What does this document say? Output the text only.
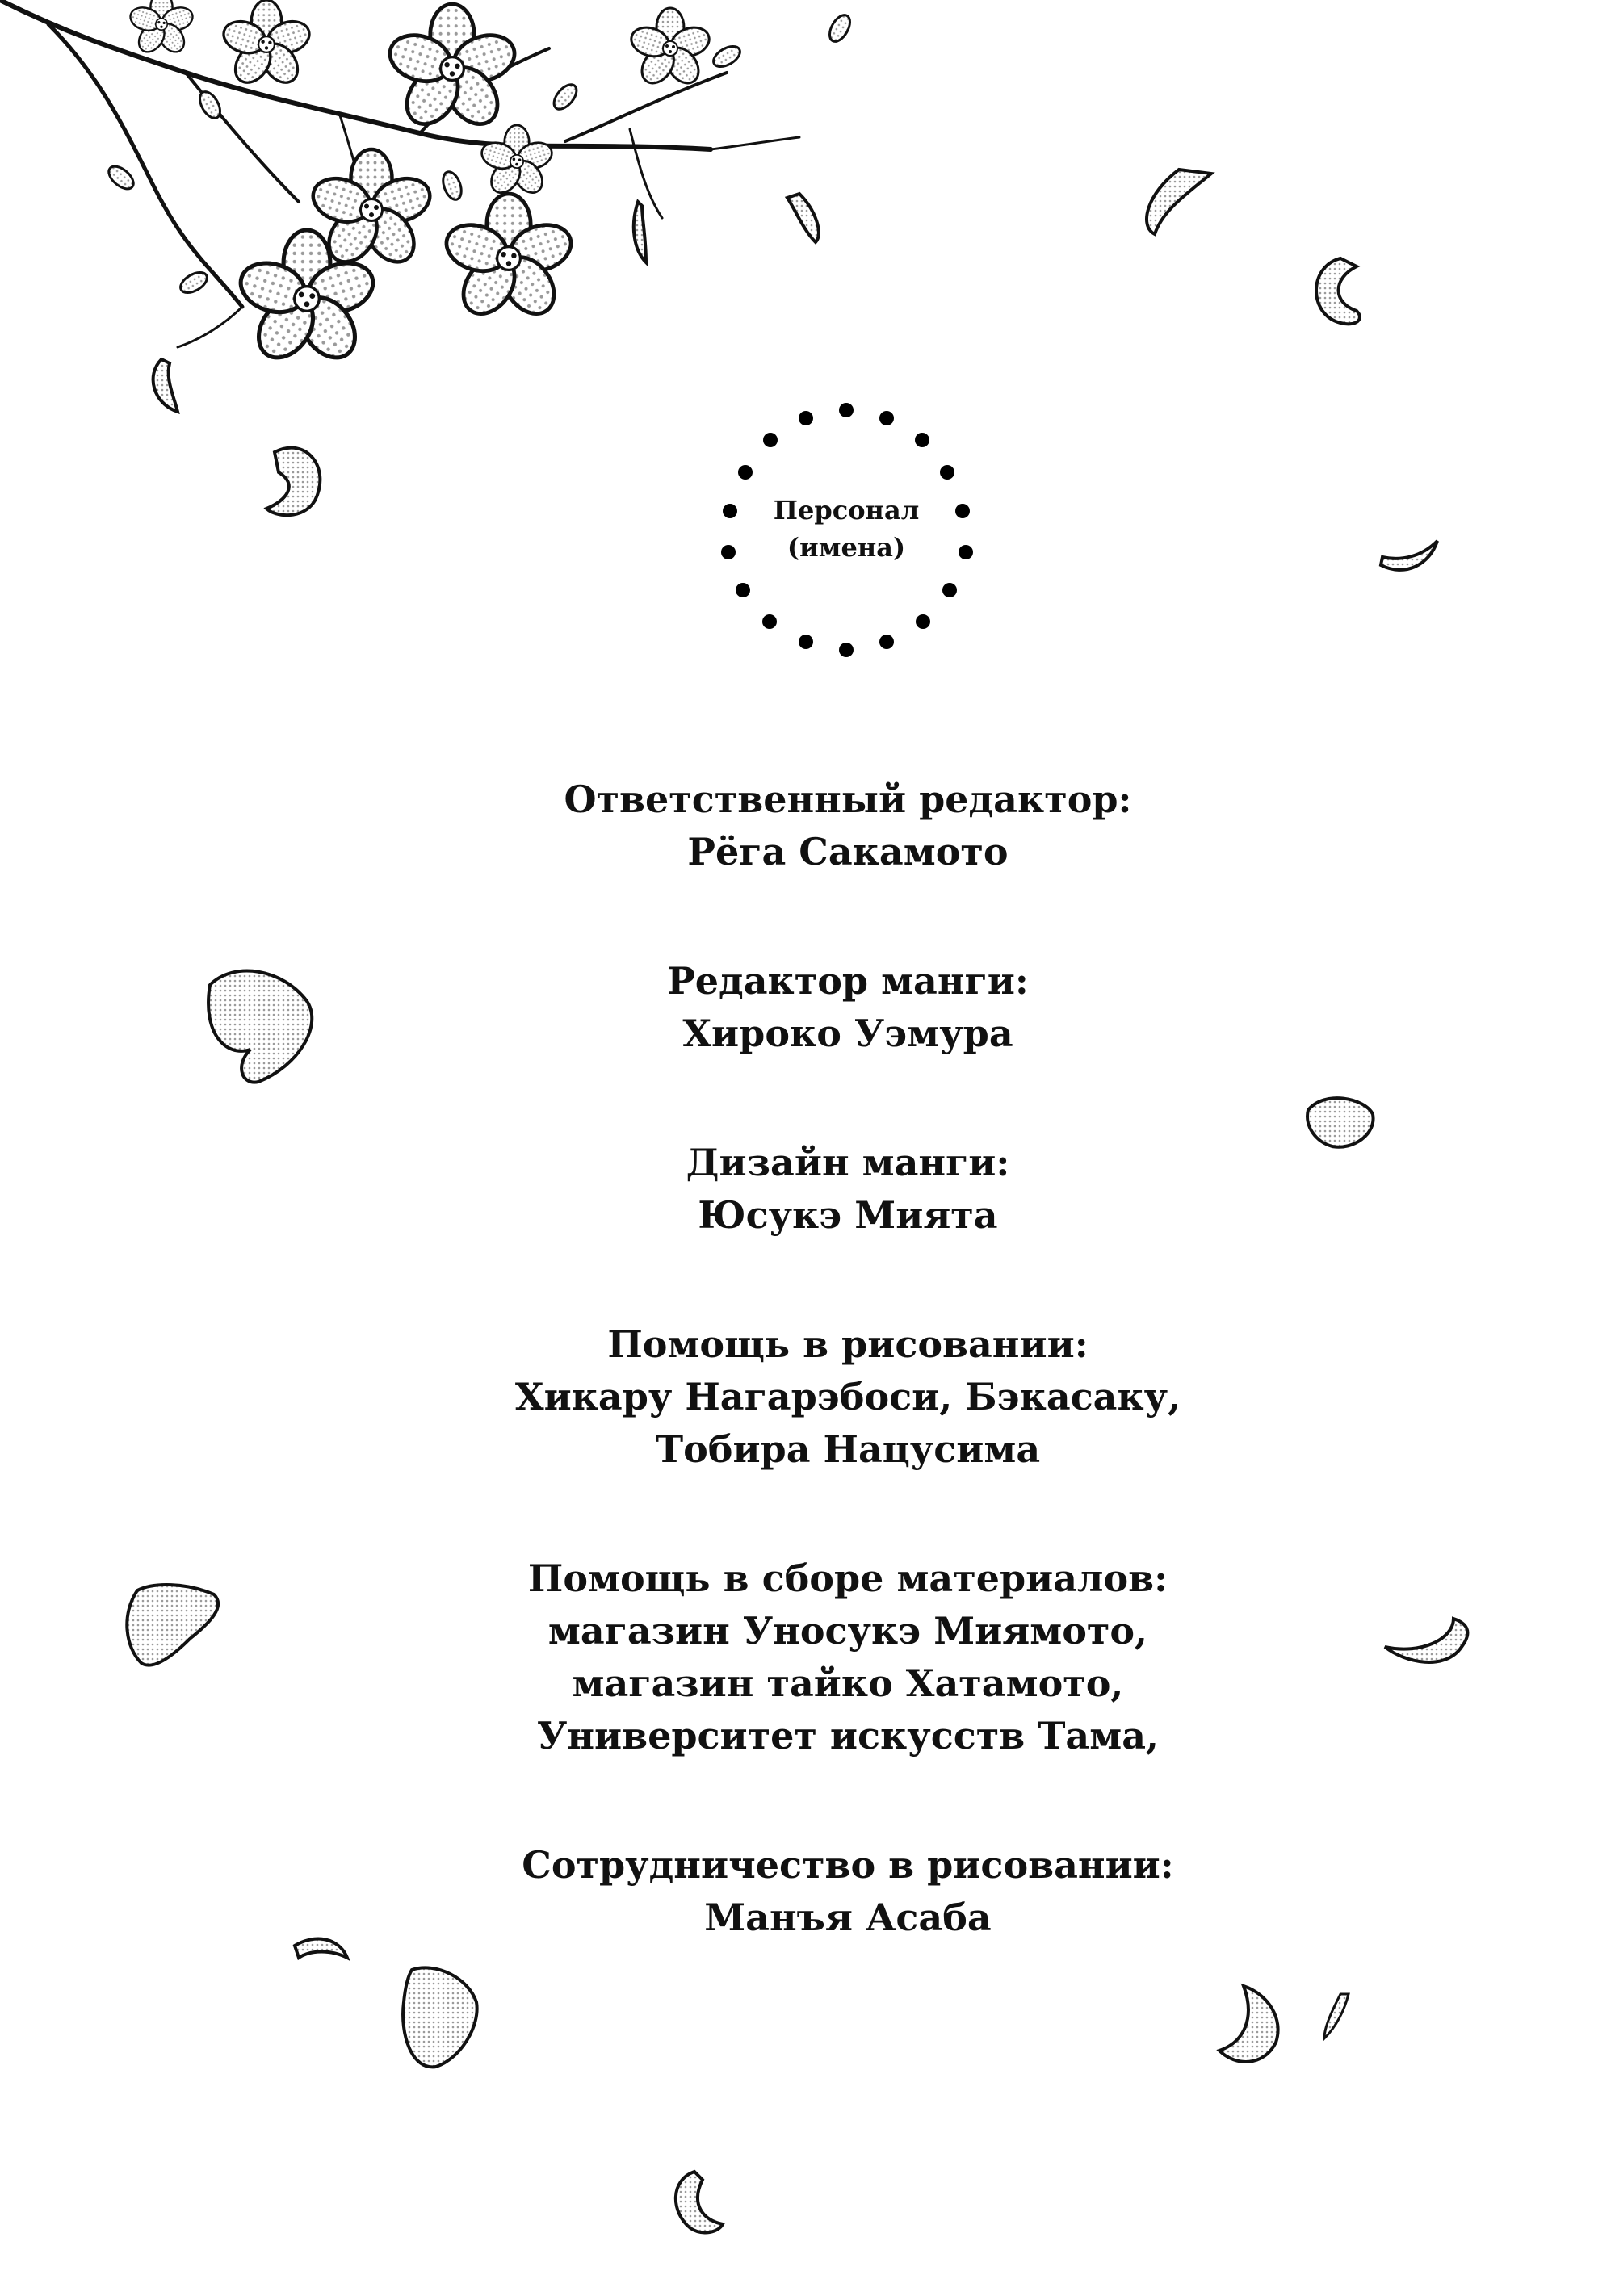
Персонал
(имена)
Ответственный редактор:
Рёга Сакамото
Редактор манги:
Хироко Уэмура
Дизайн манги:
Юсукэ Мията
Помощь в рисовании:
Хикару Нагарэбоси, Бэкасаку,
Тобира Нацусима
Помощь в сборе материалов:
магазин Уносукэ Миямото,
магазин тайко Хатамото,
Университет искусств Тама,
Сотрудничество в рисовании:
Манъя Асаба
